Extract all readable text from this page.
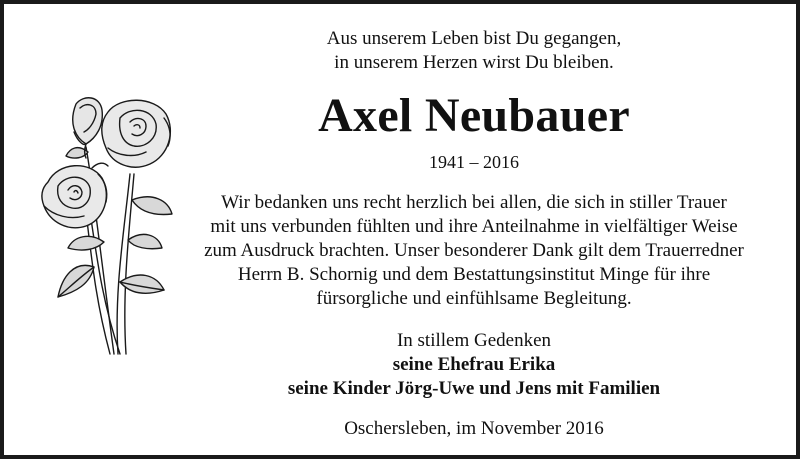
Aus unserem Leben bist Du gegangen,
in unserem Herzen wirst Du bleiben.
Axel Neubauer
1941 – 2016
Wir bedanken uns recht herzlich bei allen, die sich in stiller Trauer
mit uns verbunden fühlten und ihre Anteilnahme in vielfältiger Weise
zum Ausdruck brachten. Unser besonderer Dank gilt dem Trauerredner
Herrn B. Schornig und dem Bestattungsinstitut Minge für ihre
fürsorgliche und einfühlsame Begleitung.
In stillem Gedenken
seine Ehefrau Erika
seine Kinder Jörg-Uwe und Jens mit Familien
Oschersleben, im November 2016
